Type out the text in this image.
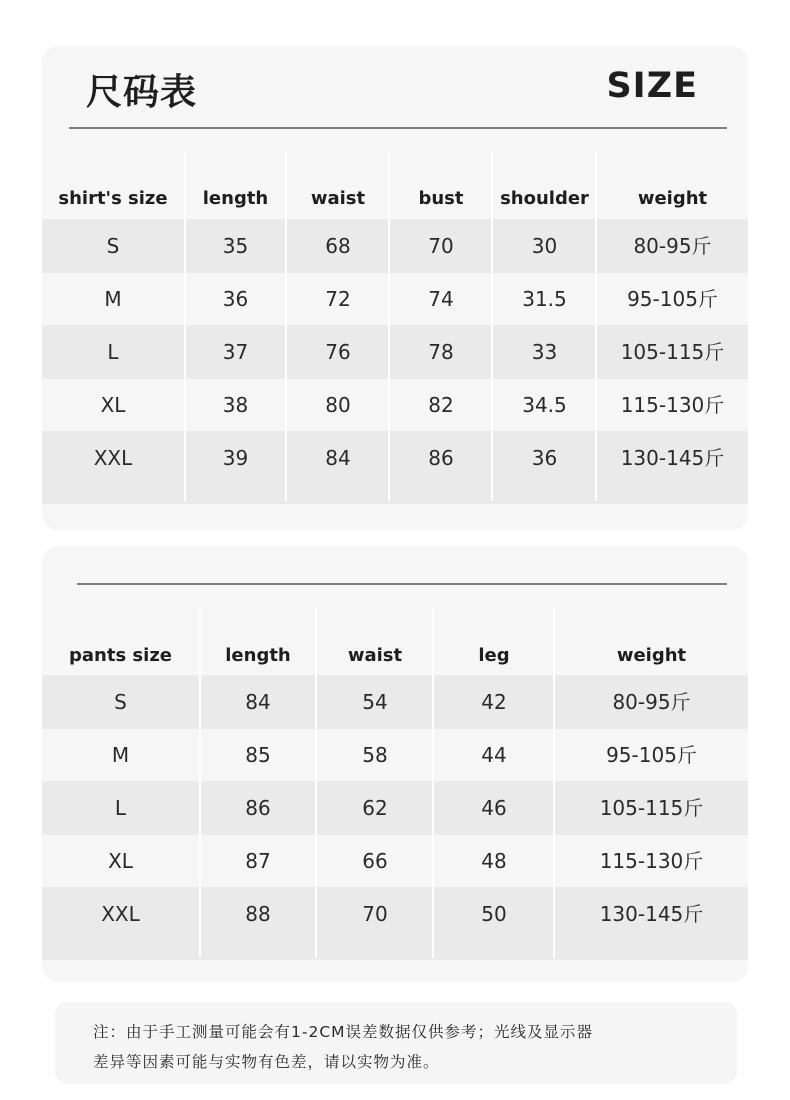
尺码表	SIZE
shirt's size	length	waist	bust	shoulder	weight
S	35	68	70	30	80-95斤
M	36	72	74	31.5	95-105斤
L	37	76	78	33	105-115斤
XL	38	80	82	34.5	115-130斤
XXL	39	84	86	36	130-145斤
pants size	length	waist	leg	weight
S	84	54	42	80-95斤
M	85	58	44	95-105斤
L	86	62	46	105-115斤
XL	87	66	48	115-130斤
XXL	88	70	50	130-145斤
注：由于手工测量可能会有1-2CM误差数据仅供参考；光线及显示器
差异等因素可能与实物有色差，请以实物为准。
